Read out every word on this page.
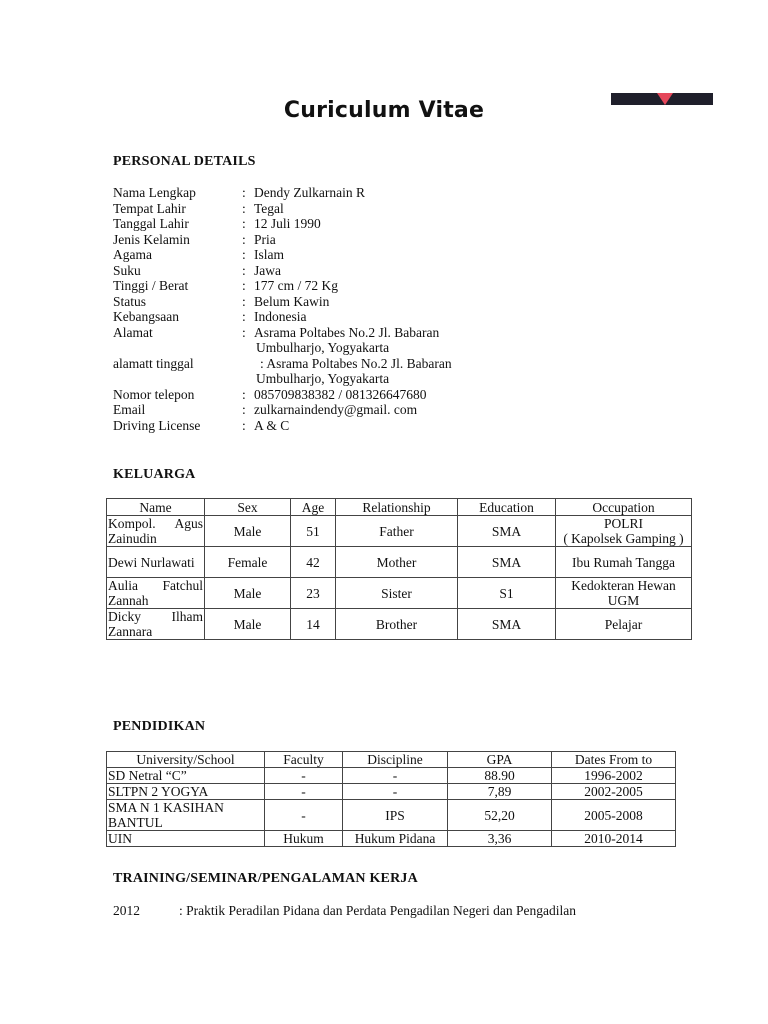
Curiculum Vitae
PERSONAL DETAILS
Nama Lengkap	: Dendy Zulkarnain R
Tempat Lahir	: Tegal
Tanggal Lahir	: 12 Juli 1990
Jenis Kelamin	: Pria
Agama	: Islam
Suku	: Jawa
Tinggi / Berat	: 177 cm / 72 Kg
Status	: Belum Kawin
Kebangsaan	: Indonesia
Alamat	: Asrama Poltabes No.2 Jl. Babaran
Umbulharjo, Yogyakarta
alamatt tinggal	: Asrama Poltabes No.2 Jl. Babaran
Umbulharjo, Yogyakarta
Nomor telepon	: 085709838382 / 081326647680
Email	: zulkarnaindendy@gmail. com
Driving License	: A & C
KELUARGA
Name	Sex	Age	Relationship	Education	Occupation
Kompol. Agus Zainudin	Male	51	Father	SMA	POLRI
( Kapolsek Gamping )

Dewi Nurlawati	Female	42	Mother	SMA	Ibu Rumah Tangga

Aulia Fatchul Zannah	Male	23	Sister	S1	Kedokteran Hewan
UGM

Dicky Ilham Zannara	Male	14	Brother	SMA	Pelajar
PENDIDIKAN
University/School	Faculty	Discipline	GPA	Dates From to
SD Netral “C”	-	-	88.90	1996-2002
SLTPN 2 YOGYA	-	-	7,89	2002-2005
SMA N 1 KASIHAN BANTUL	-	IPS	52,20	2005-2008
UIN	Hukum	Hukum Pidana	3,36	2010-2014
TRAINING/SEMINAR/PENGALAMAN KERJA
2012	: Praktik Peradilan Pidana dan Perdata Pengadilan Negeri dan Pengadilan
